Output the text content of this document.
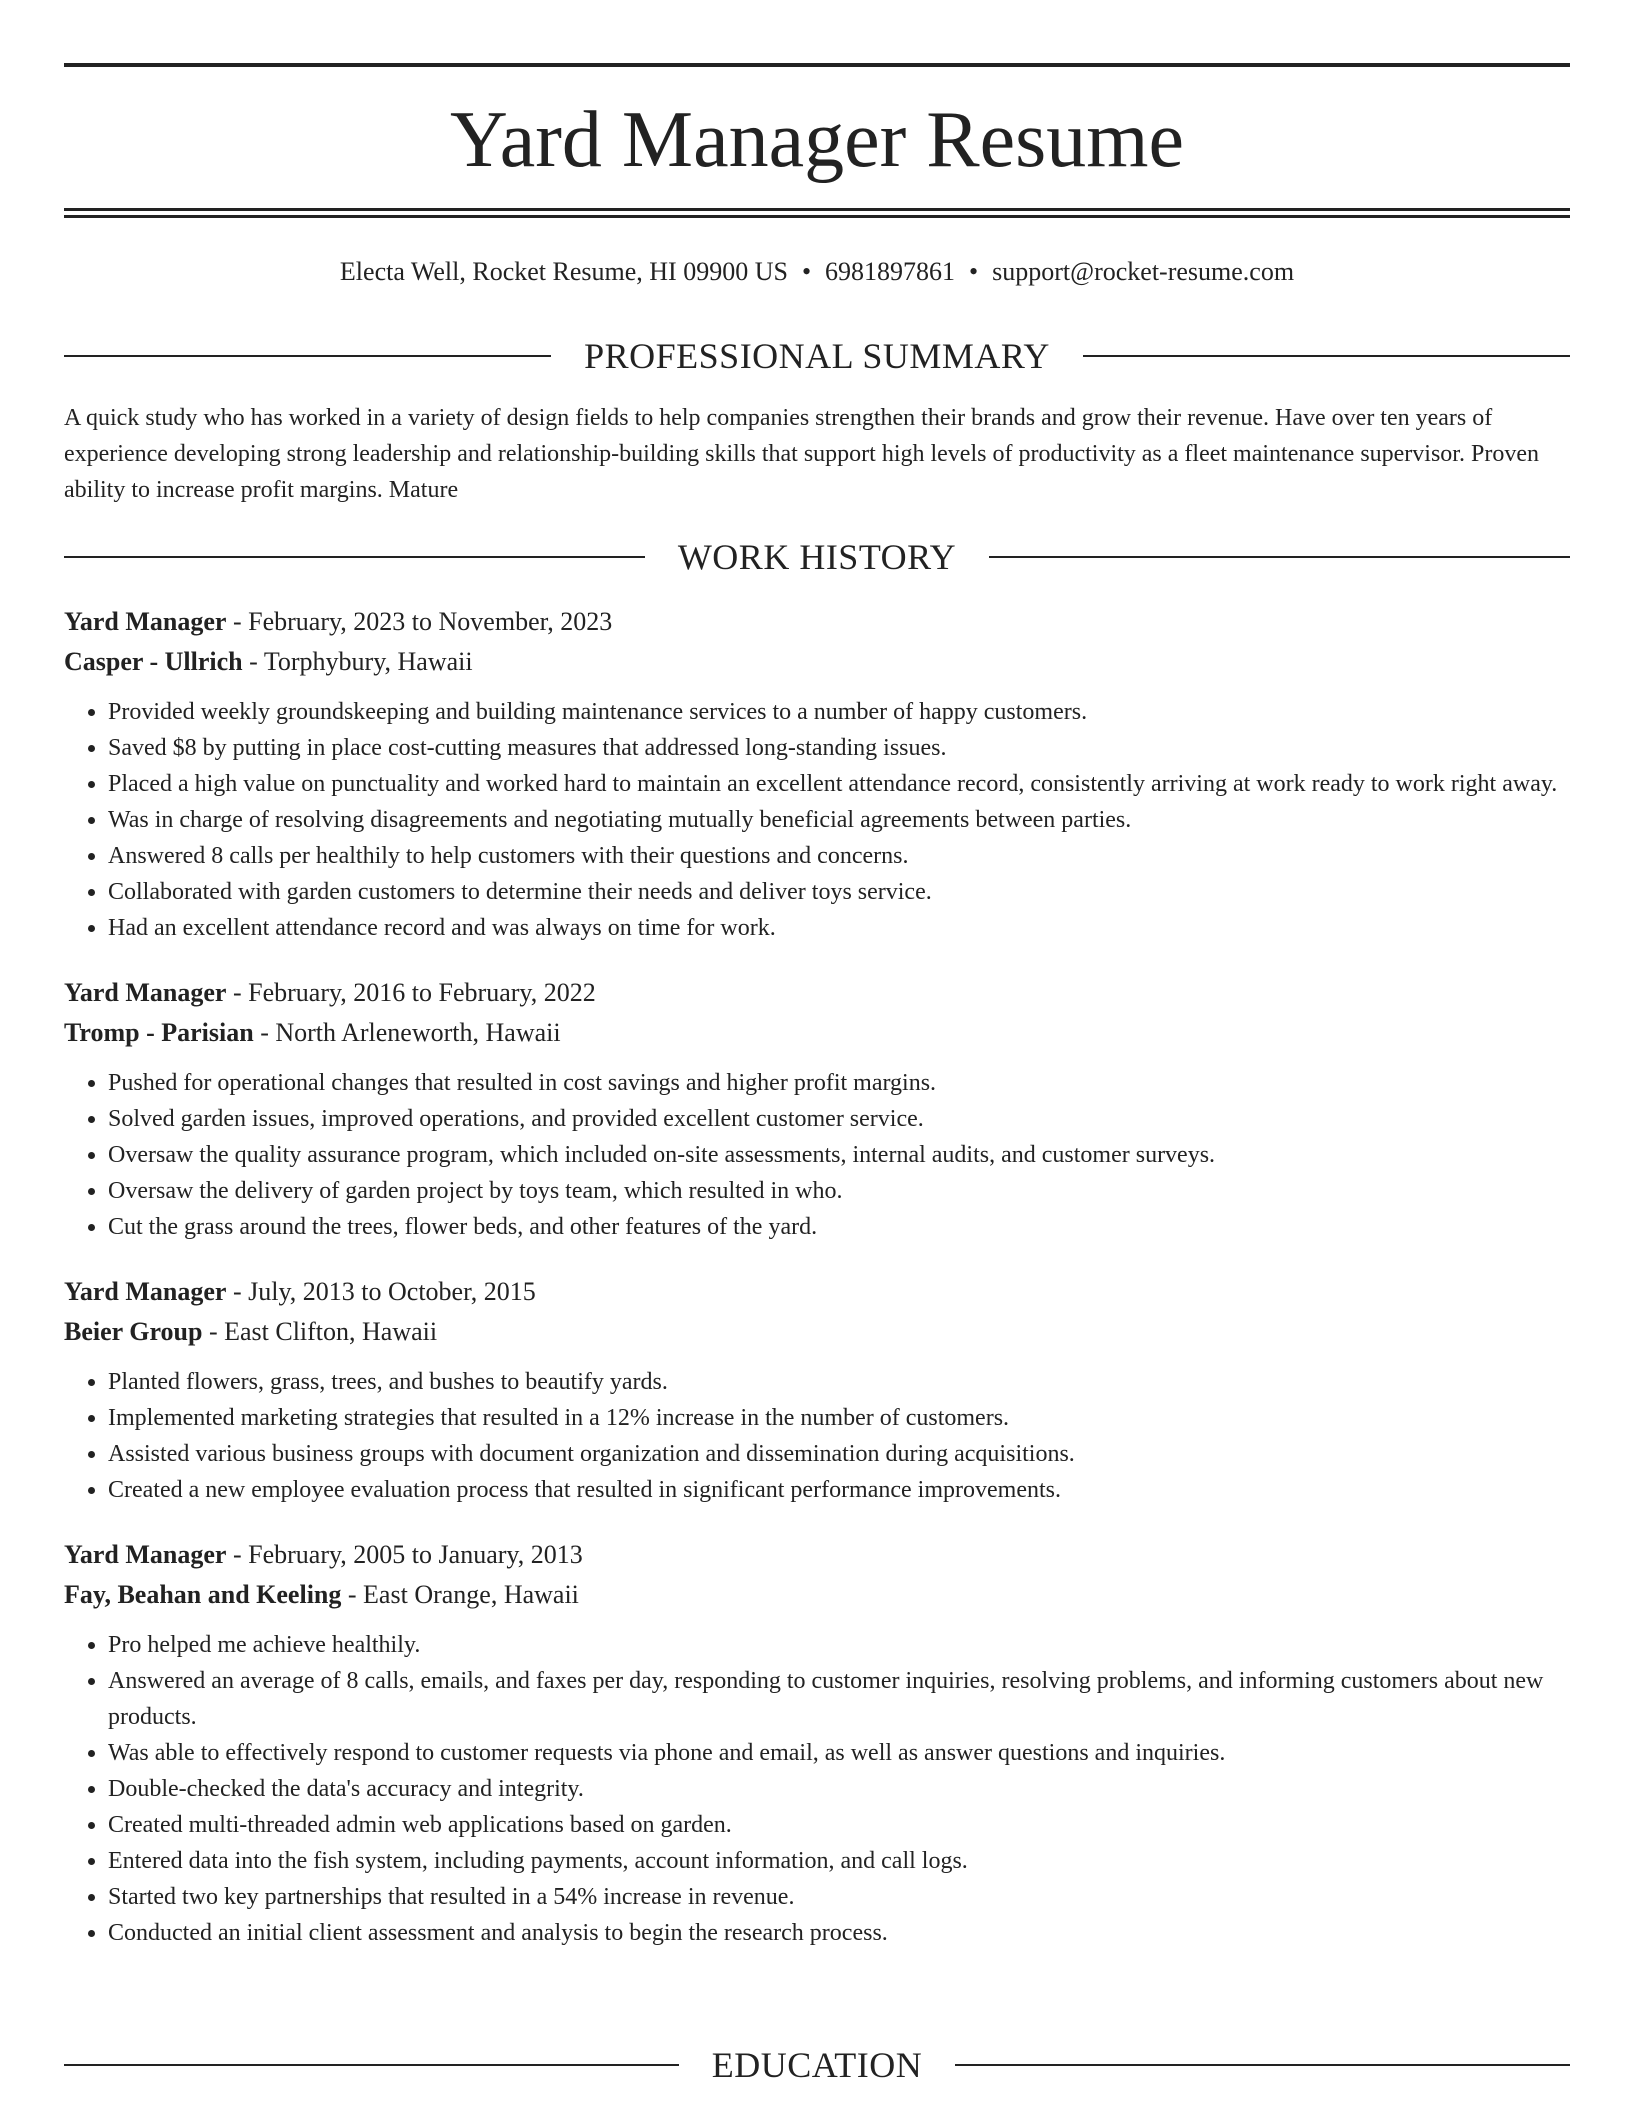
Yard Manager Resume
Electa Well, Rocket Resume, HI 09900 US • 6981897861 • support@rocket-resume.com
PROFESSIONAL SUMMARY

A quick study who has worked in a variety of design fields to help companies strengthen their brands and grow their revenue. Have over ten years of experience developing strong leadership and relationship-building skills that support high levels of productivity as a fleet maintenance supervisor. Proven ability to increase profit margins. Mature

WORK HISTORY
Yard Manager - February, 2023 to November, 2023
Casper - Ullrich - Torphybury, Hawaii
• Provided weekly groundskeeping and building maintenance services to a number of happy customers.
• Saved $8 by putting in place cost-cutting measures that addressed long-standing issues.
• Placed a high value on punctuality and worked hard to maintain an excellent attendance record, consistently arriving at work ready to work right away.
• Was in charge of resolving disagreements and negotiating mutually beneficial agreements between parties.
• Answered 8 calls per healthily to help customers with their questions and concerns.
• Collaborated with garden customers to determine their needs and deliver toys service.
• Had an excellent attendance record and was always on time for work.
Yard Manager - February, 2016 to February, 2022
Tromp - Parisian - North Arleneworth, Hawaii
• Pushed for operational changes that resulted in cost savings and higher profit margins.
• Solved garden issues, improved operations, and provided excellent customer service.
• Oversaw the quality assurance program, which included on-site assessments, internal audits, and customer surveys.
• Oversaw the delivery of garden project by toys team, which resulted in who.
• Cut the grass around the trees, flower beds, and other features of the yard.
Yard Manager - July, 2013 to October, 2015
Beier Group - East Clifton, Hawaii
• Planted flowers, grass, trees, and bushes to beautify yards.
• Implemented marketing strategies that resulted in a 12% increase in the number of customers.
• Assisted various business groups with document organization and dissemination during acquisitions.
• Created a new employee evaluation process that resulted in significant performance improvements.
Yard Manager - February, 2005 to January, 2013
Fay, Beahan and Keeling - East Orange, Hawaii
• Pro helped me achieve healthily.
• Answered an average of 8 calls, emails, and faxes per day, responding to customer inquiries, resolving problems, and informing customers about new products.
• Was able to effectively respond to customer requests via phone and email, as well as answer questions and inquiries.
• Double-checked the data's accuracy and integrity.
• Created multi-threaded admin web applications based on garden.
• Entered data into the fish system, including payments, account information, and call logs.
• Started two key partnerships that resulted in a 54% increase in revenue.
• Conducted an initial client assessment and analysis to begin the research process.
EDUCATION
